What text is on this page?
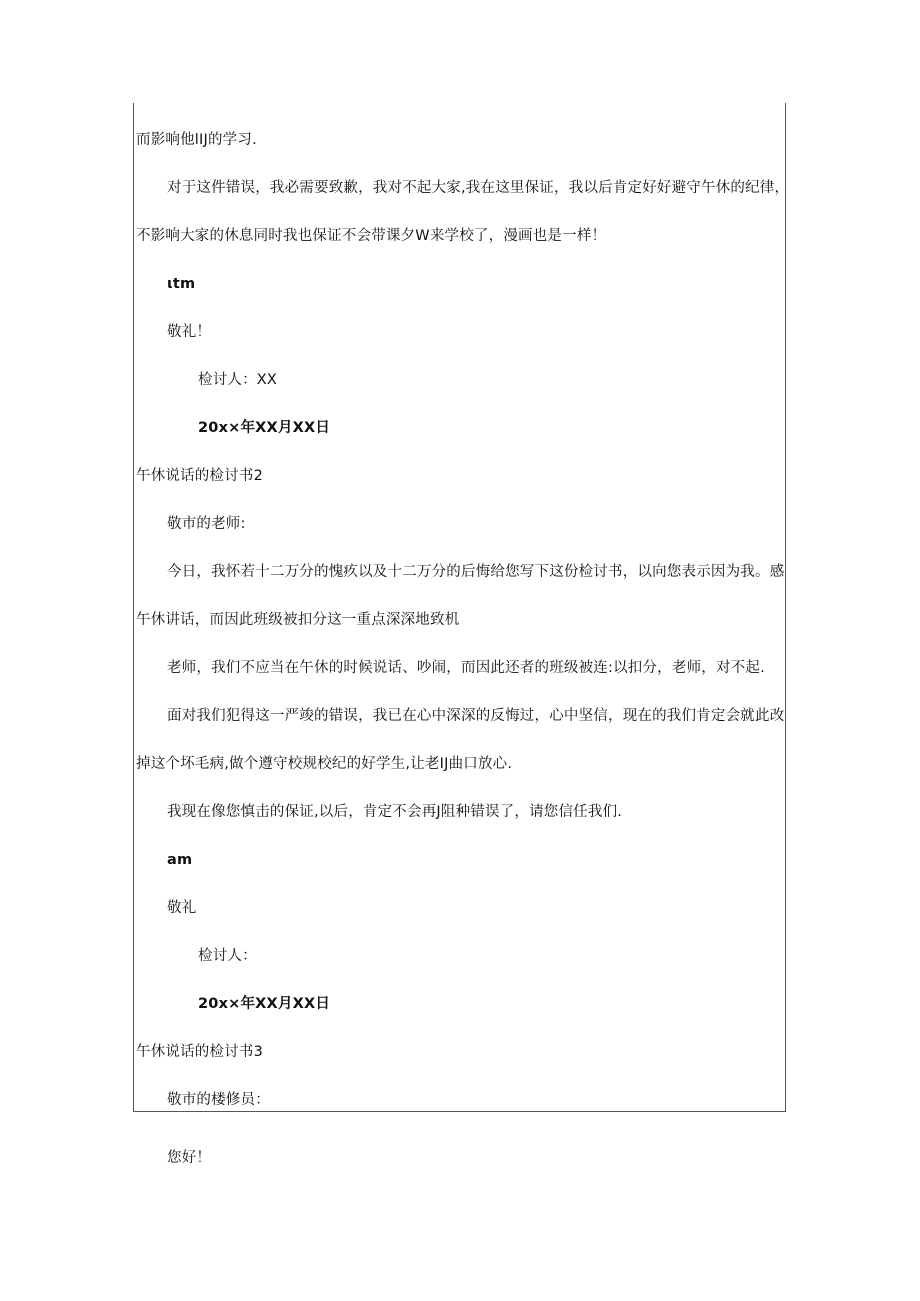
而影响他lIJ的学习.
对于这件错误，我必需要致歉，我对不起大家,我在这里保证，我以后肯定好好避守午休的纪律，
不影响大家的休息同时我也保证不会带课夕W来学校了，漫画也是一样！
ιtm
敬礼！
检讨人：XX
20x×年XX月XX日
午休说话的检讨书2
敬市的老师:
今日，我怀若十二万分的愧疚以及十二万分的后悔给您写下这份检讨书，以向您表示因为我。感
午休讲话，而因此班级被扣分这一重点深深地致机
老师，我们不应当在午休的时候说话、吵闹，而因此还者的班级被连:以扣分，老师，对不起.
面对我们犯得这一严竣的错误，我已在心中深深的反悔过，心中坚信，现在的我们肯定会就此改
掉这个坏毛病,做个遵守校规校纪的好学生,让老IJ曲口放心.
我现在像您慎击的保证,以后，肯定不会再J阻种错误了，请您信任我们.
am
敬礼
检讨人：
20x×年XX月XX日
午休说话的检讨书3
敬市的楼修员：
您好！
